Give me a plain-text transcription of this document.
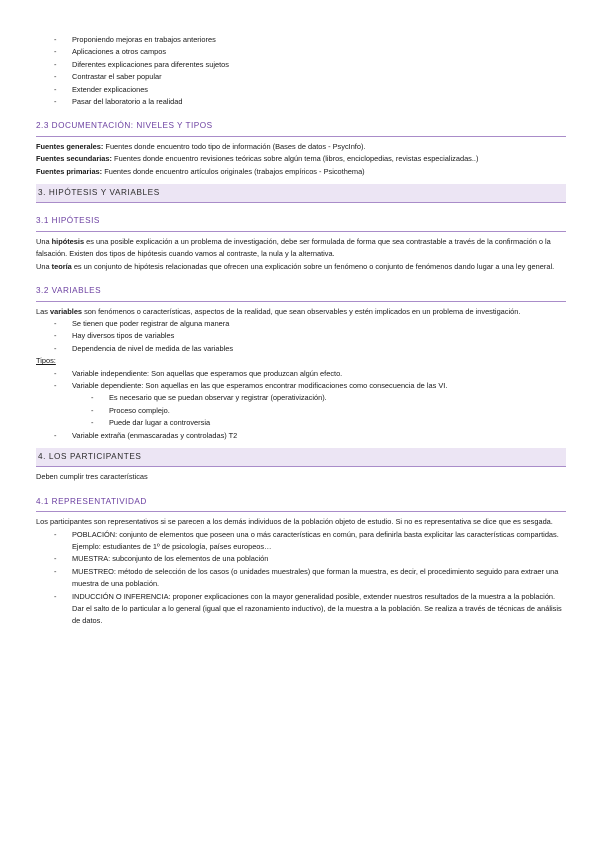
- Proponiendo mejoras en trabajos anteriores
- Aplicaciones a otros campos
- Diferentes explicaciones para diferentes sujetos
- Contrastar el saber popular
- Extender explicaciones
- Pasar del laboratorio a la realidad
2.3 DOCUMENTACIÓN: NIVELES Y TIPOS

Fuentes generales: Fuentes donde encuentro todo tipo de información (Bases de datos - PsycInfo).

Fuentes secundarias: Fuentes donde encuentro revisiones teóricas sobre algún tema (libros, enciclopedias, revistas especializadas..)

Fuentes primarias: Fuentes donde encuentro artículos originales (trabajos empíricos - Psicothema)

3. HIPÓTESIS Y VARIABLES
3.1 HIPÓTESIS

Una hipótesis es una posible explicación a un problema de investigación, debe ser formulada de forma que sea contrastable a través de la confirmación o la falsación. Existen dos tipos de hipótesis cuando vamos al contraste, la nula y la alternativa.

Una teoría es un conjunto de hipótesis relacionadas que ofrecen una explicación sobre un fenómeno o conjunto de fenómenos dando lugar a una ley general.

3.2 VARIABLES

Las variables son fenómenos o características, aspectos de la realidad, que sean observables y estén implicados en un problema de investigación.

- Se tienen que poder registrar de alguna manera
- Hay diversos tipos de variables
- Dependencia de nivel de medida de las variables

Tipos:

- Variable independiente: Son aquellas que esperamos que produzcan algún efecto.
- Variable dependiente: Son aquellas en las que esperamos encontrar modificaciones como consecuencia de las VI.
- Es necesario que se puedan observar y registrar (operativización).
- Proceso complejo.
- Puede dar lugar a controversia
- Variable extraña (enmascaradas y controladas) T2
4. LOS PARTICIPANTES

Deben cumplir tres características

4.1 REPRESENTATIVIDAD

Los participantes son representativos si se parecen a los demás individuos de la población objeto de estudio. Si no es representativa se dice que es sesgada.

- POBLACIÓN: conjunto de elementos que poseen una o más características en común, para definirla basta explicitar las características compartidas. Ejemplo: estudiantes de 1º de psicología, países europeos…
- MUESTRA: subconjunto de los elementos de una población
- MUESTREO: método de selección de los casos (o unidades muestrales) que forman la muestra, es decir, el procedimiento seguido para extraer una muestra de una población.
- INDUCCIÓN O INFERENCIA: proponer explicaciones con la mayor generalidad posible, extender nuestros resultados de la muestra a la población. Dar el salto de lo particular a lo general (igual que el razonamiento inductivo), de la muestra a la población. Se realiza a través de técnicas de análisis de datos.
